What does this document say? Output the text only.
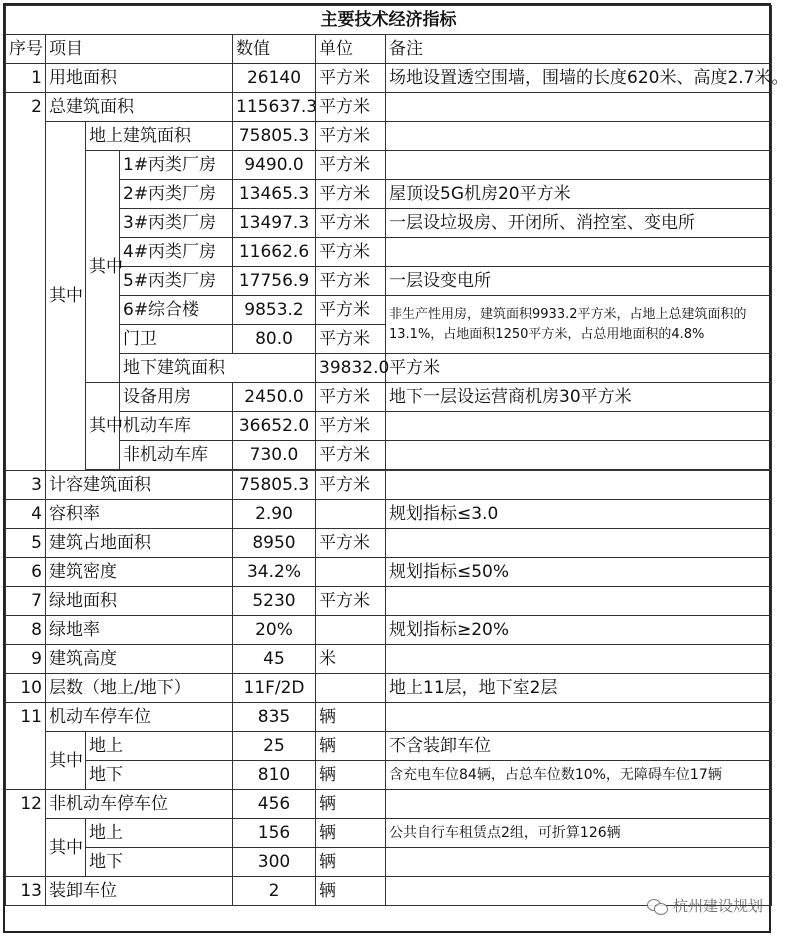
主要技术经济指标							
序号	项目			数值	单位	备注	
1	用地面积			26140	平方米	场地设置透空围墙，围墙的长度620米、高度2.7米。	
2	总建筑面积			115637.3	平方米		
	其中	地上建筑面积		75805.3	平方米		
		其中	1#丙类厂房	9490.0	平方米		
			2#丙类厂房	13465.3	平方米	屋顶设5G机房20平方米	
			3#丙类厂房	13497.3	平方米	一层设垃圾房、开闭所、消控室、变电所	
			4#丙类厂房	11662.6	平方米		
			5#丙类厂房	17756.9	平方米	一层设变电所	
			6#综合楼	9853.2	平方米	非生产性用房，建筑面积9933.2平方米，占地上总建筑面积的13.1%，占地面积1250平方米，占总用地面积的4.8%	
			门卫	80.0	平方米		
			地下建筑面积		39832.0	平方米	
		其中	设备用房	2450.0	平方米	地下一层设运营商机房30平方米	
			机动车库	36652.0	平方米		
			非机动车库	730.0	平方米		

3	计容建筑面积			75805.3	平方米		
4	容积率			2.90		规划指标≤3.0	
5	建筑占地面积			8950	平方米		
6	建筑密度			34.2%		规划指标≤50%	
7	绿地面积			5230	平方米		
8	绿地率			20%		规划指标≥20%	
9	建筑高度			45	米		
10	层数（地上/地下）			11F/2D		地上11层，地下室2层	
11	机动车停车位			835	辆		
	其中	地上		25	辆	不含装卸车位	
		地下		810	辆	含充电车位84辆，占总车位数10%，无障碍车位17辆	
12	非机动车停车位			456	辆		
	其中	地上		156	辆	公共自行车租赁点2组，可折算126辆	
		地下		300	辆		
13	装卸车位			2	辆		
杭州建设规划
